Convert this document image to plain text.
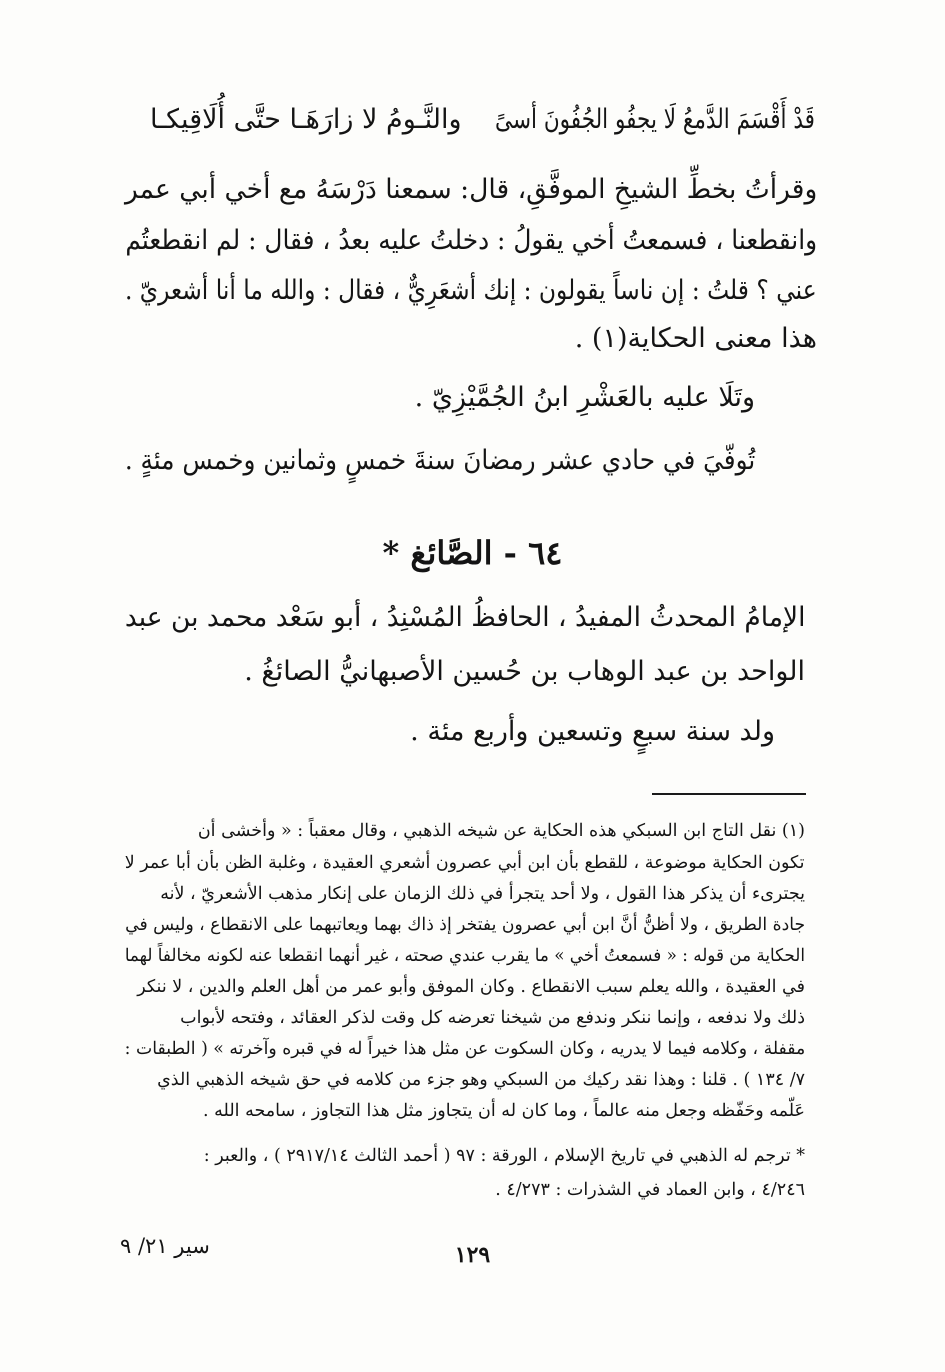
قَدْ أَقْسَمَ الدَّمعُ لَا يجفُو الجُفُونَ أسىً
والنَّـومُ لا زارَهَـا حتَّى أُلَاقِيكـا
وقرأتُ بخطِّ الشيخِ الموفَّقِ، قال: سمعنا دَرْسَهُ مع أخي أبي عمر
وانقطعنا ، فسمعتُ أخي يقولُ : دخلتُ عليه بعدُ ، فقال : لم انقطعتُم
عني ؟ قلتُ : إن ناساً يقولون : إنك أشعَرِيٌّ ، فقال : والله ما أنا أشعريّ .
هذا معنى الحكاية(١) .
وتَلَا عليه بالعَشْرِ ابنُ الجُمَّيْزِيّ .
تُوفّيَ في حادي عشر رمضانَ سنةَ خمسٍ وثمانين وخمس مئةٍ .
٦٤ - الصَّائغ *
الإمامُ المحدثُ المفيدُ ، الحافظُ المُسْنِدُ ، أبو سَعْد محمد بن عبد
الواحد بن عبد الوهاب بن حُسين الأصبهانيُّ الصائغُ .
ولد سنة سبعٍ وتسعين وأربع مئة .
(١) نقل التاج ابن السبكي هذه الحكاية عن شيخه الذهبي ، وقال معقباً : « وأخشى أن
تكون الحكاية موضوعة ، للقطع بأن ابن أبي عصرون أشعري العقيدة ، وغلبة الظن بأن أبا عمر لا
يجترىء أن يذكر هذا القول ، ولا أحد يتجرأ في ذلك الزمان على إنكار مذهب الأشعريّ ، لأنه
جادة الطريق ، ولا أظنُّ أنَّ ابن أبي عصرون يفتخر إذ ذاك بهما ويعاتبهما على الانقطاع ، وليس في
الحكاية من قوله : « فسمعتُ أخي » ما يقرب عندي صحته ، غير أنهما انقطعا عنه لكونه مخالفاً لهما
في العقيدة ، والله يعلم سبب الانقطاع . وكان الموفق وأبو عمر من أهل العلم والدين ، لا ننكر
ذلك ولا ندفعه ، وإنما ننكر وندفع من شيخنا تعرضه كل وقت لذكر العقائد ، وفتحه لأبواب
مقفلة ، وكلامه فيما لا يدريه ، وكان السكوت عن مثل هذا خيراً له في قبره وآخرته » ( الطبقات :
٧/ ١٣٤ ) . قلنا : وهذا نقد ركيك من السبكي وهو جزء من كلامه في حق شيخه الذهبي الذي
عَلّمه وحَفّظه وجعل منه عالماً ، وما كان له أن يتجاوز مثل هذا التجاوز ، سامحه الله .
* ترجم له الذهبي في تاريخ الإسلام ، الورقة : ٩٧ ( أحمد الثالث ٢٩١٧/١٤ ) ، والعبر :
٤/٢٤٦ ، وابن العماد في الشذرات : ٤/٢٧٣ .
١٢٩
سير ٢١/ ٩
